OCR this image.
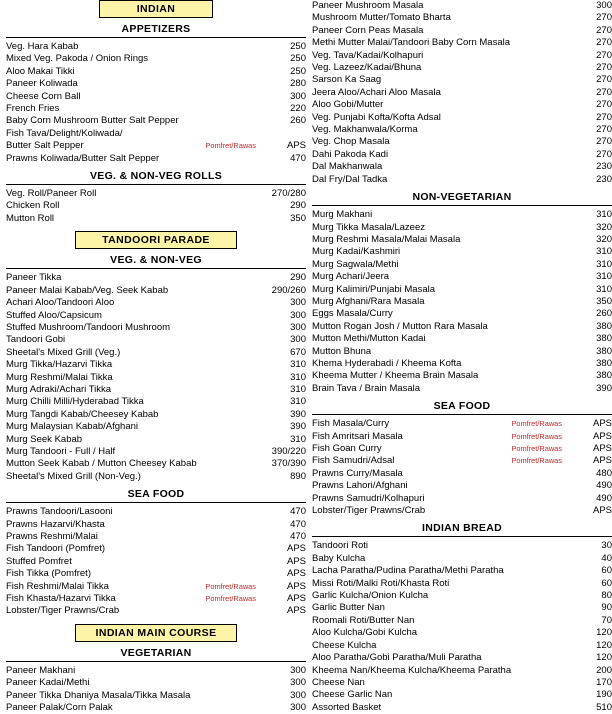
INDIAN
APPETIZERS
Veg. Hara Kabab	250
Mixed Veg. Pakoda / Onion Rings	250
Aloo Makai Tikki	250
Paneer Koliwada	280
Cheese Corn Ball	300
French Fries	220
Baby Corn Mushroom Butter Salt Pepper	260
Fish Tava/Delight/Koliwada/
Butter Salt Pepper	Pomfret/Rawas	APS
Prawns Koliwada/Butter Salt Pepper	470
VEG. & NON-VEG ROLLS
Veg. Roll/Paneer Roll	270/280
Chicken Roll	290
Mutton Roll	350
TANDOORI PARADE
VEG. & NON-VEG
Paneer Tikka	290
Paneer Malai Kabab/Veg. Seek Kabab	290/260
Achari Aloo/Tandoori Aloo	300
Stuffed Aloo/Capsicum	300
Stuffed Mushroom/Tandoori Mushroom	300
Tandoori Gobi	300
Sheetal's Mixed Grill (Veg.)	670
Murg Tikka/Hazarvi Tikka	310
Murg Reshmi/Malai Tikka	310
Murg Adraki/Achari Tikka	310
Murg Chilli Milli/Hyderabad Tikka	310
Murg Tangdi Kabab/Cheesey Kabab	390
Murg Malaysian Kabab/Afghani	390
Murg Seek Kabab	310
Murg Tandoori - Full / Half	390/220
Mutton Seek Kabab / Mutton Cheesey Kabab	370/390
Sheetal's Mixed Grill (Non-Veg.)	890
SEA FOOD
Prawns Tandoori/Lasooni	470
Prawns Hazarvi/Khasta	470
Prawns Reshmi/Malai	470
Fish Tandoori (Pomfret)	APS
Stuffed Pomfret	APS
Fish Tikka (Pomfret)	APS
Fish Reshmi/Malai Tikka	Pomfret/Rawas	APS
Fish Khasta/Hazarvi Tikka	Pomfret/Rawas	APS
Lobster/Tiger Prawns/Crab	APS
INDIAN MAIN COURSE
VEGETARIAN
Paneer Makhani	300
Paneer Kadai/Methi	300
Paneer Tikka Dhaniya Masala/Tikka Masala	300
Paneer Palak/Corn Palak	300
Paneer Mushroom Masala	300
Mushroom Mutter/Tomato Bharta	270
Paneer Corn Peas Masala	270
Methi Mutter Malai/Tandoori Baby Corn Masala	270
Veg. Tava/Kadai/Kolhapuri	270
Veg. Lazeez/Kadai/Bhuna	270
Sarson Ka Saag	270
Jeera Aloo/Achari Aloo Masala	270
Aloo Gobi/Mutter	270
Veg. Punjabi Kofta/Kofta Adsal	270
Veg. Makhanwala/Korma	270
Veg. Chop Masala	270
Dahi Pakoda Kadi	270
Dal Makhanwala	230
Dal Fry/Dal Tadka	230
NON-VEGETARIAN
Murg Makhani	310
Murg Tikka Masala/Lazeez	320
Murg Reshmi Masala/Malai Masala	320
Murg Kadai/Kashmiri	310
Murg Sagwala/Methi	310
Murg Achari/Jeera	310
Murg Kalimiri/Punjabi Masala	310
Murg Afghani/Rara Masala	350
Eggs Masala/Curry	260
Mutton Rogan Josh / Mutton Rara Masala	380
Mutton Methi/Mutton Kadai	380
Mutton Bhuna	380
Khema Hyderabadi / Kheema Kofta	380
Kheema Mutter / Kheema Brain Masala	380
Brain Tava / Brain Masala	390
SEA FOOD
Fish Masala/Curry	Pomfret/Rawas	APS
Fish Amritsari Masala	Pomfret/Rawas	APS
Fish Goan Curry	Pomfret/Rawas	APS
Fish Samudri/Adsal	Pomfret/Rawas	APS
Prawns Curry/Masala	480
Prawns Lahori/Afghani	490
Prawns Samudri/Kolhapuri	490
Lobster/Tiger Prawns/Crab	APS
INDIAN BREAD
Tandoori Roti	30
Baby Kulcha	40
Lacha Paratha/Pudina Paratha/Methi Paratha	60
Missi Roti/Malki Roti/Khasta Roti	60
Garlic Kulcha/Onion Kulcha	80
Garlic Butter Nan	90
Roomali Roti/Butter Nan	70
Aloo Kulcha/Gobi Kulcha	120
Cheese Kulcha	120
Aloo Paratha/Gobi Paratha/Muli Paratha	120
Kheema Nan/Kheema Kulcha/Kheema Paratha	200
Cheese Nan	170
Cheese Garlic Nan	190
Assorted Basket	510
